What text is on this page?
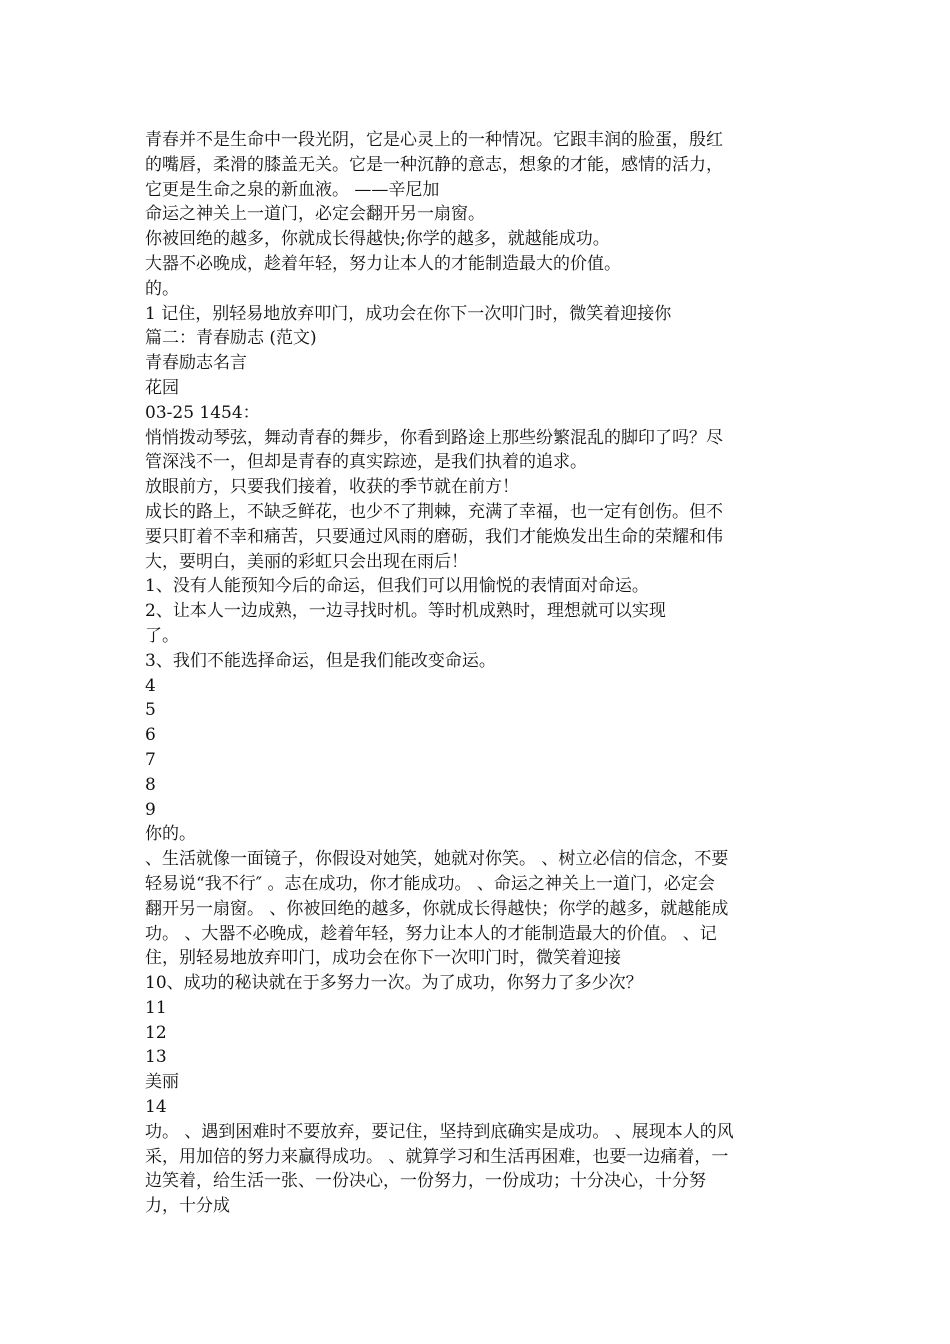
青春并不是生命中一段光阴，它是心灵上的一种情况。它跟丰润的脸蛋，殷红
的嘴唇，柔滑的膝盖无关。它是一种沉静的意志，想象的才能，感情的活力，
它更是生命之泉的新血液。 ——辛尼加
命运之神关上一道门，必定会翻开另一扇窗。
你被回绝的越多，你就成长得越快;你学的越多，就越能成功。
大器不必晚成，趁着年轻，努力让本人的才能制造最大的价值。
的。
1 记住，别轻易地放弃叩门，成功会在你下一次叩门时，微笑着迎接你
篇二：青春励志 (范文)
青春励志名言
花园
03-25 1454：
悄悄拨动琴弦，舞动青春的舞步，你看到路途上那些纷繁混乱的脚印了吗？尽
管深浅不一，但却是青春的真实踪迹，是我们执着的追求。
放眼前方，只要我们接着，收获的季节就在前方！
成长的路上，不缺乏鲜花，也少不了荆棘，充满了幸福，也一定有创伤。但不
要只盯着不幸和痛苦，只要通过风雨的磨砺，我们才能焕发出生命的荣耀和伟
大，要明白，美丽的彩虹只会出现在雨后！
1、没有人能预知今后的命运，但我们可以用愉悦的表情面对命运。
2、让本人一边成熟，一边寻找时机。等时机成熟时，理想就可以实现
了。
3、我们不能选择命运，但是我们能改变命运。
4
5
6
7
8
9
你的。
、生活就像一面镜子，你假设对她笑，她就对你笑。 、树立必信的信念，不要
轻易说“我不行″ 。志在成功，你才能成功。 、命运之神关上一道门，必定会
翻开另一扇窗。 、你被回绝的越多，你就成长得越快；你学的越多，就越能成
功。 、大器不必晚成，趁着年轻，努力让本人的才能制造最大的价值。 、记
住，别轻易地放弃叩门，成功会在你下一次叩门时，微笑着迎接
10、成功的秘诀就在于多努力一次。为了成功，你努力了多少次？
11
12
13
美丽
14
功。 、遇到困难时不要放弃，要记住，坚持到底确实是成功。 、展现本人的风
采，用加倍的努力来赢得成功。 、就算学习和生活再困难，也要一边痛着，一
边笑着，给生活一张、一份决心，一份努力，一份成功；十分决心，十分努
力，十分成
